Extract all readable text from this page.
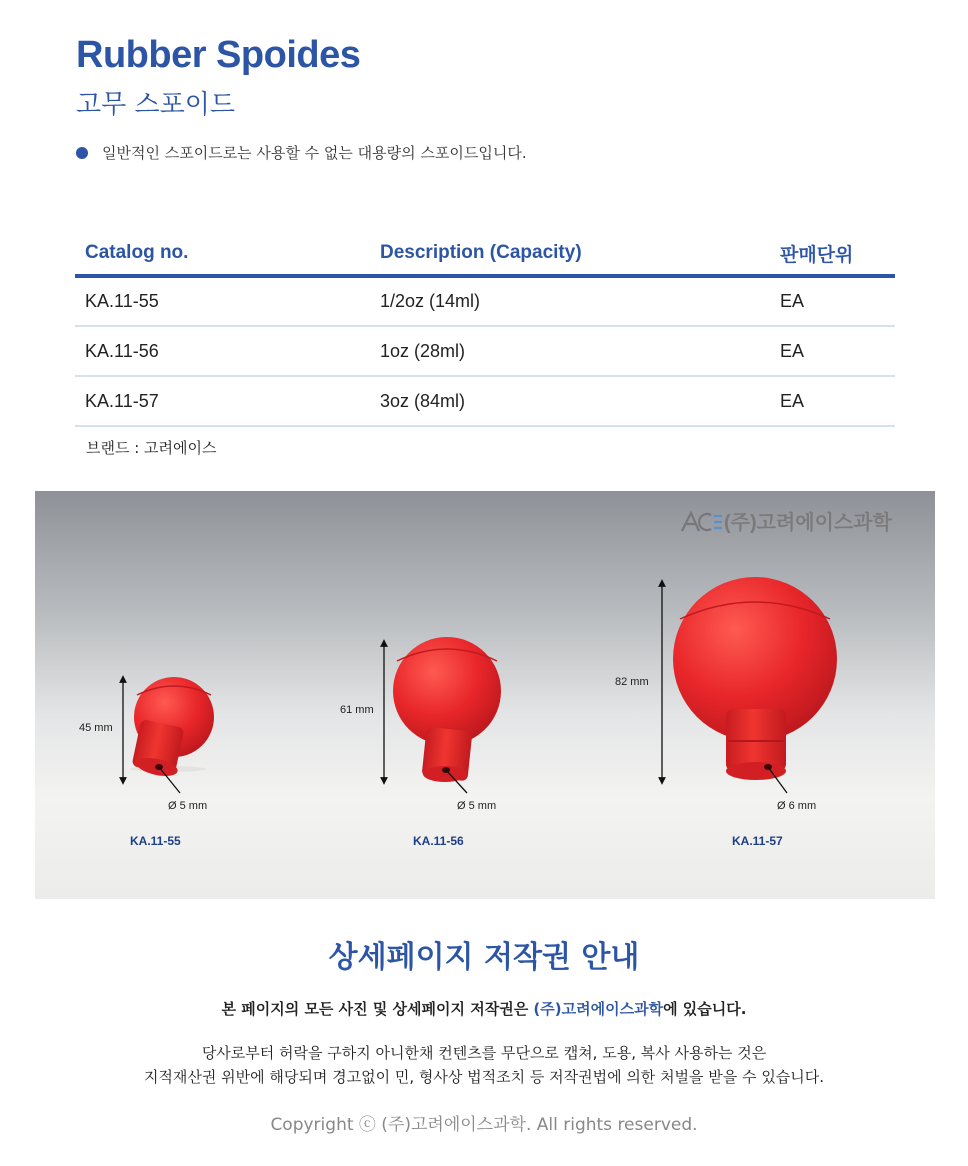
Rubber Spoides
고무 스포이드
일반적인 스포이드로는 사용할 수 없는 대용량의 스포이드입니다.
Catalog no.	Description (Capacity)	판매단위
KA.11-55	1/2oz (14ml)	EA
KA.11-56	1oz (28ml)	EA
KA.11-57	3oz (84ml)	EA
브랜드 : 고려에이스
(주)고려에이스과학
45 mm
61 mm
82 mm
Ø 5 mm	Ø 5 mm	Ø 6 mm
KA.11-55	KA.11-56	KA.11-57
상세페이지 저작권 안내
본 페이지의 모든 사진 및 상세페이지 저작권은 (주)고려에이스과학에 있습니다.
당사로부터 허락을 구하지 아니한채 컨텐츠를 무단으로 캡쳐, 도용, 복사 사용하는 것은
지적재산권 위반에 해당되며 경고없이 민, 형사상 법적조치 등 저작권법에 의한 처벌을 받을 수 있습니다.
Copyright ⓒ (주)고려에이스과학. All rights reserved.
